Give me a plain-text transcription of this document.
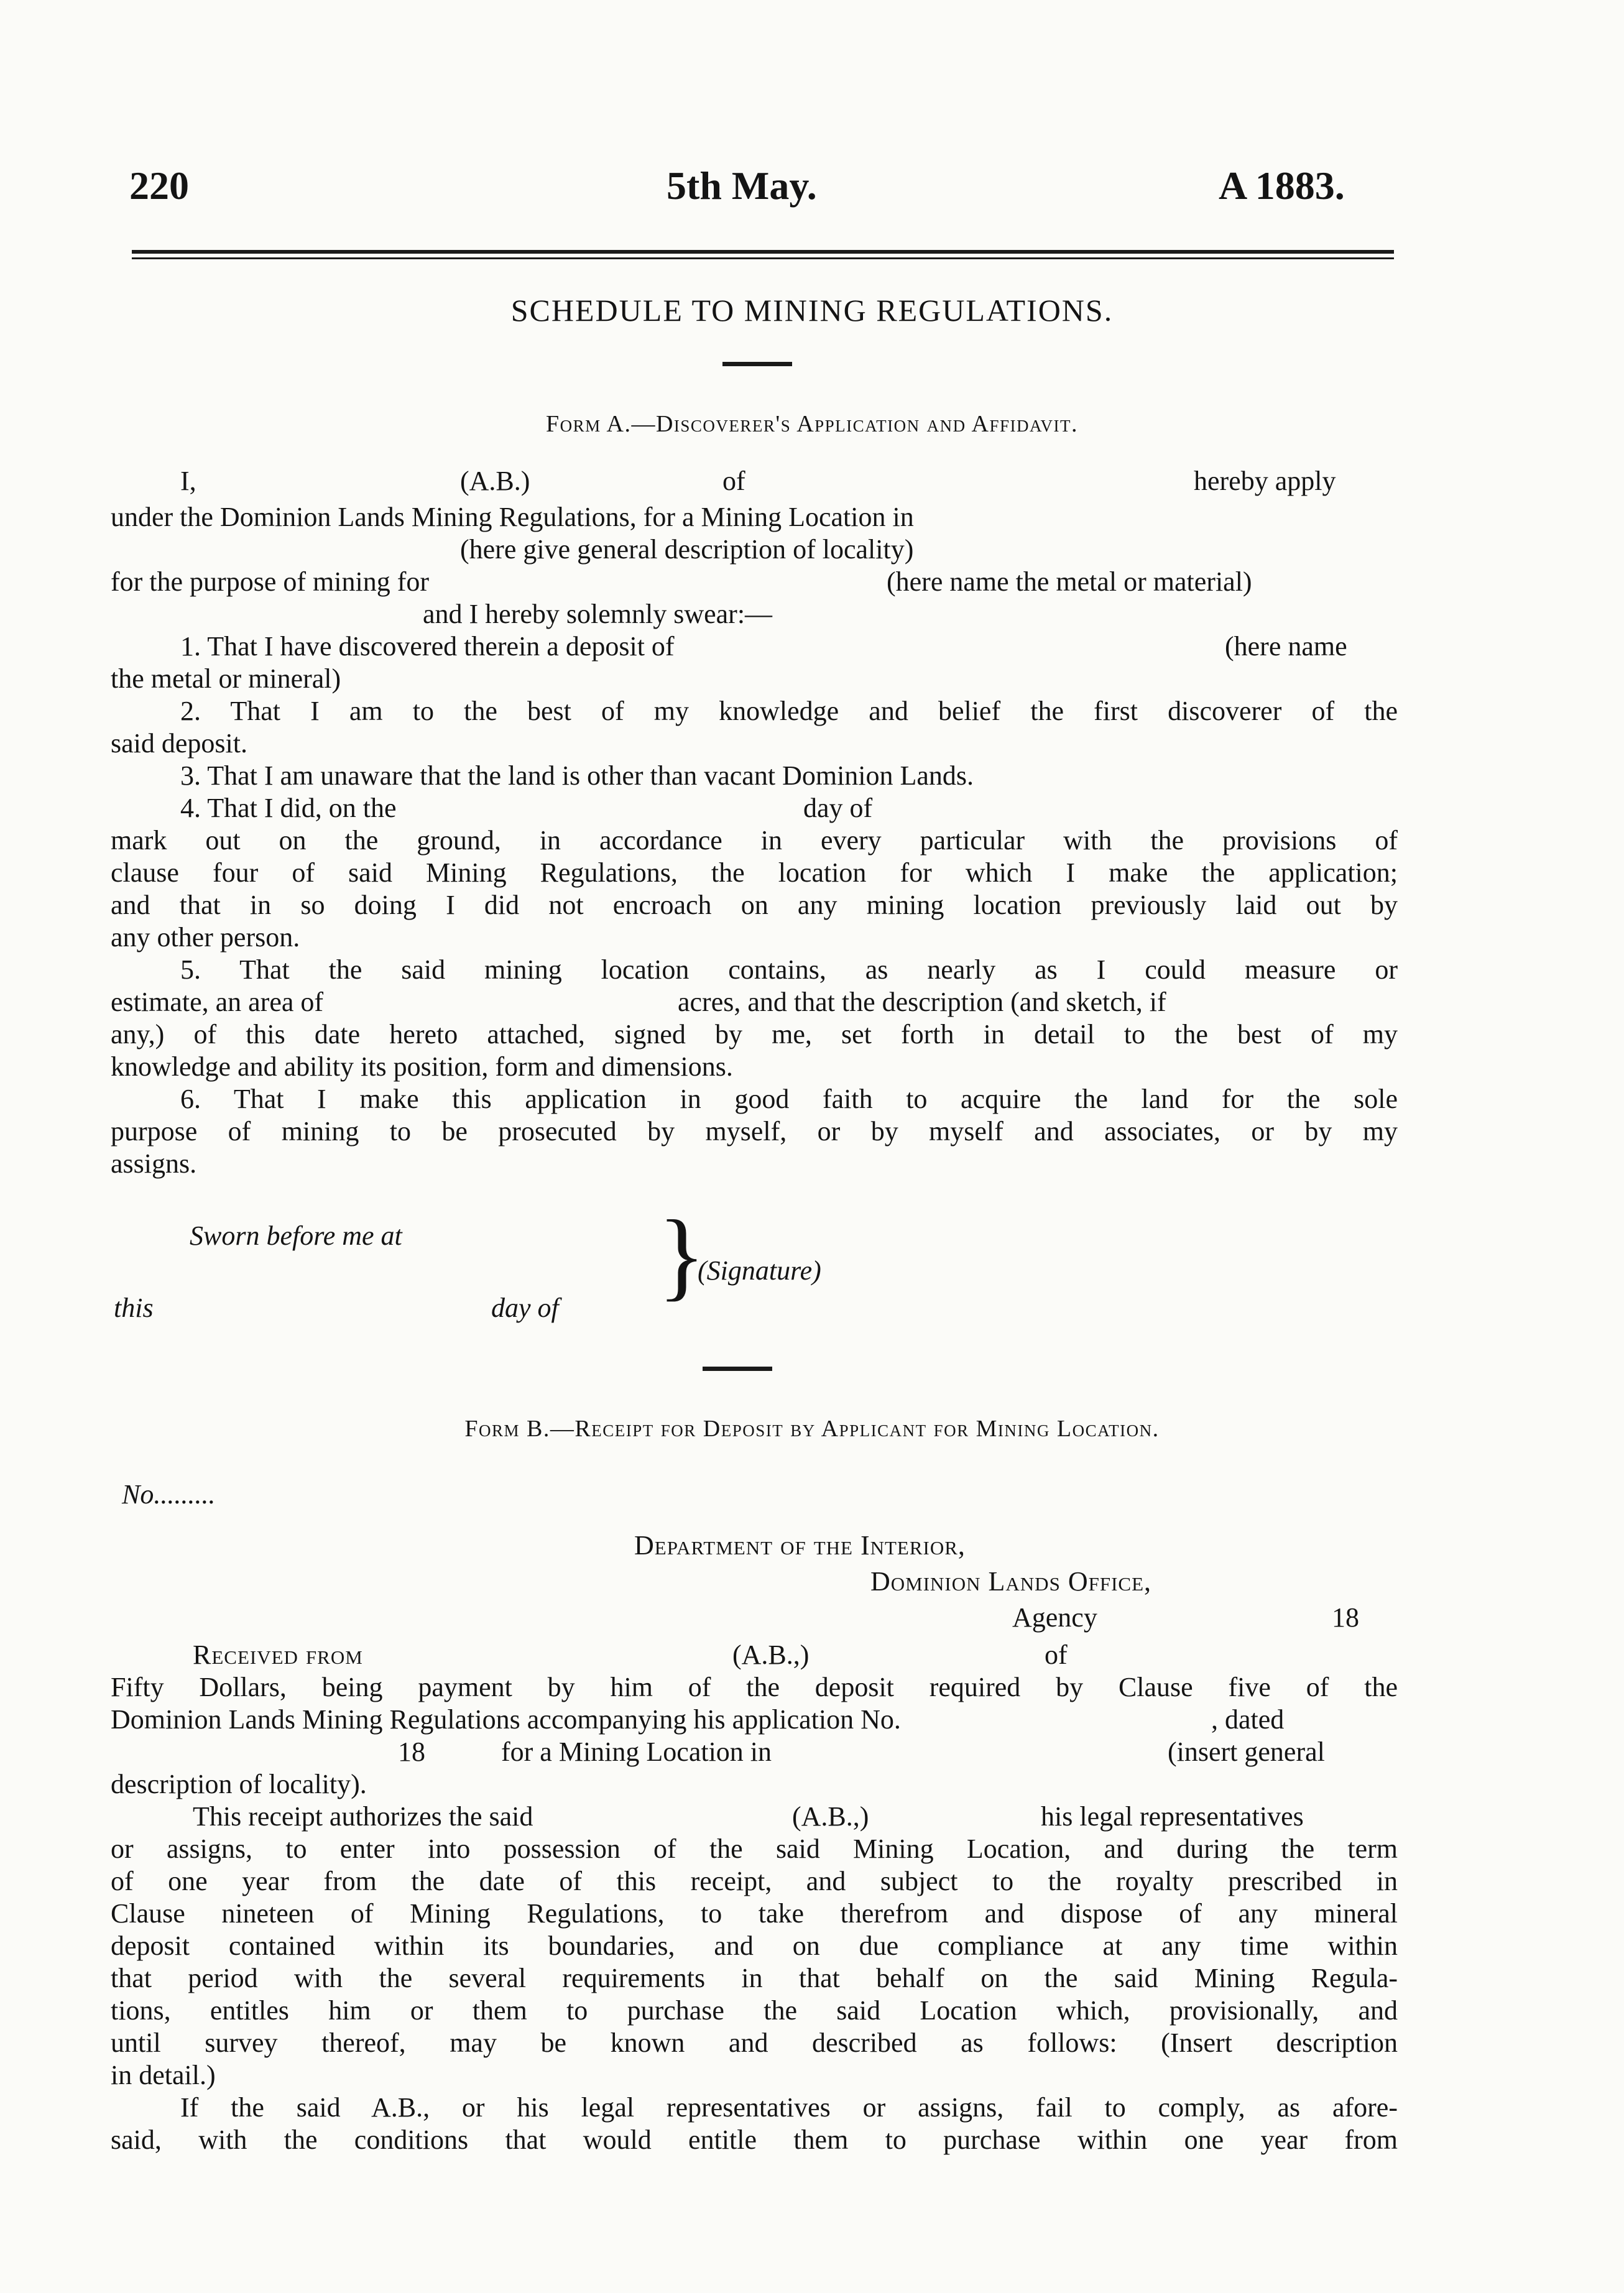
220	5th May.	A 1883.
SCHEDULE TO MINING REGULATIONS.
Form A.—Discoverer's Application and Affidavit.
I,	(A.B.)	of	hereby apply
under the Dominion Lands Mining Regulations, for a Mining Location in
(here give general description of locality)
for the purpose of mining for	(here name the metal or material)
and I hereby solemnly swear:—
1. That I have discovered therein a deposit of	(here name
the metal or mineral)
2. That I am to the best of my knowledge and belief the first discoverer of the
said deposit.
3. That I am unaware that the land is other than vacant Dominion Lands.
4. That I did, on the	day of
mark out on the ground, in accordance in every particular with the provisions of
clause four of said Mining Regulations, the location for which I make the application;
and that in so doing I did not encroach on any mining location previously laid out by
any other person.
5. That the said mining location contains, as nearly as I could measure or
estimate, an area of	acres, and that the description (and sketch, if
any,) of this date hereto attached, signed by me, set forth in detail to the best of my
knowledge and ability its position, form and dimensions.
6. That I make this application in good faith to acquire the land for the sole
purpose of mining to be prosecuted by myself, or by myself and associates, or by my
assigns.
Sworn before me at
this	day of }
(Signature)
Form B.—Receipt for Deposit by Applicant for Mining Location.
No.........
Department of the Interior,
Dominion Lands Office,
Agency	18
Received from	(A.B.,)	of
Fifty Dollars, being payment by him of the deposit required by Clause five of the
Dominion Lands Mining Regulations accompanying his application No.	, dated
18	for a Mining Location in	(insert general
description of locality).
This receipt authorizes the said	(A.B.,)	his legal representatives
or assigns, to enter into possession of the said Mining Location, and during the term
of one year from the date of this receipt, and subject to the royalty prescribed in
Clause nineteen of Mining Regulations, to take therefrom and dispose of any mineral
deposit contained within its boundaries, and on due compliance at any time within
that period with the several requirements in that behalf on the said Mining Regula-
tions, entitles him or them to purchase the said Location which, provisionally, and
until survey thereof, may be known and described as follows: (Insert description
in detail.)
If the said A.B., or his legal representatives or assigns, fail to comply, as afore-
said, with the conditions that would entitle them to purchase within one year from
